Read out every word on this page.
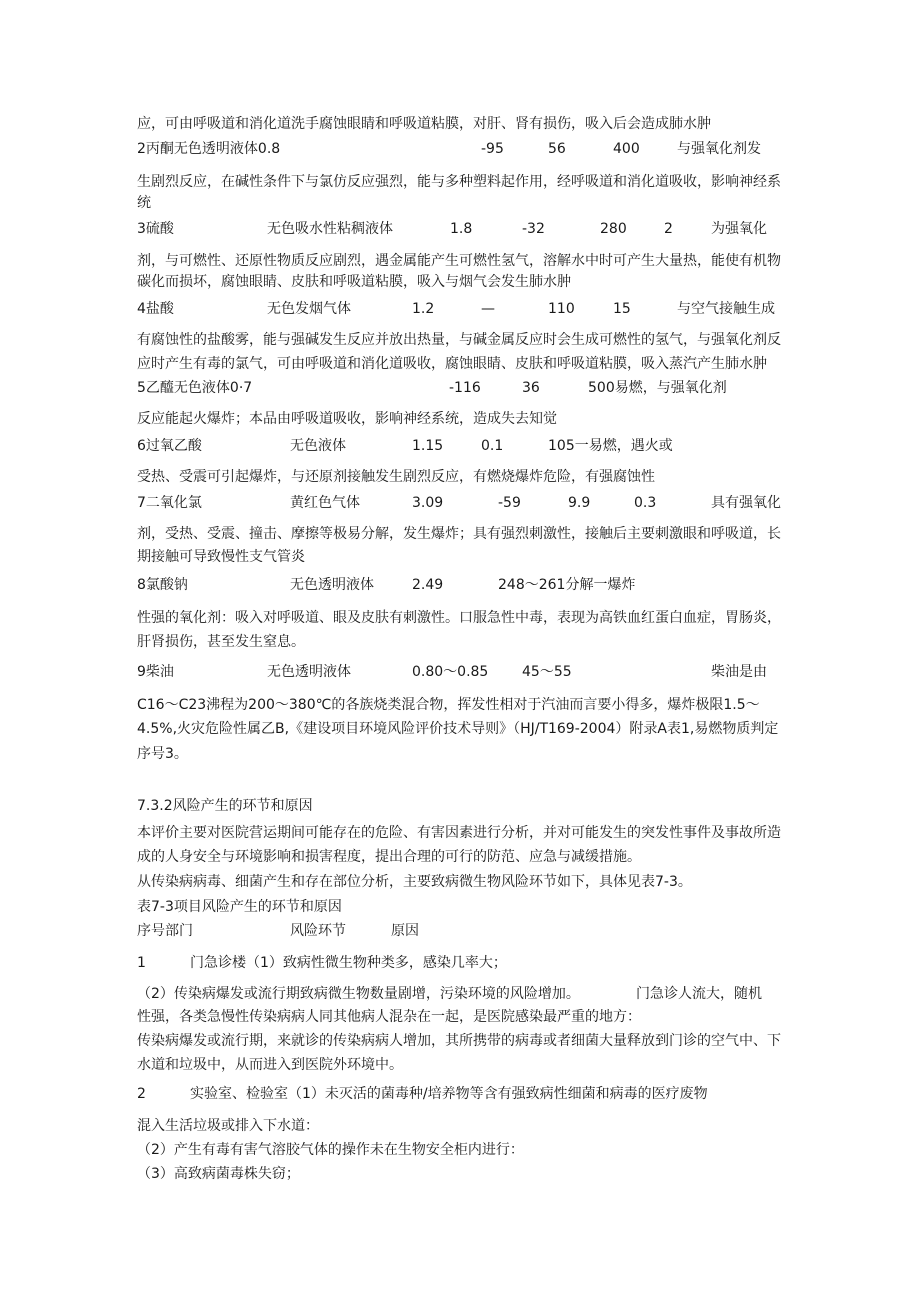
应，可由呼吸道和消化道洗手腐蚀眼睛和呼吸道粘膜，对肝、肾有损伤，吸入后会造成肺水肿
2丙酮无色透明液体0.8	-95	56	400	与强氧化剂发
生剧烈反应，在碱性条件下与氯仿反应强烈，能与多种塑料起作用，经呼吸道和消化道吸收，影响神经系
统
3硫酸	无色吸水性粘稠液体	1.8	-32	280	2	为强氧化
剂，与可燃性、还原性物质反应剧烈，遇金属能产生可燃性氢气，溶解水中时可产生大量热，能使有机物
碳化而损坏，腐蚀眼睛、皮肤和呼吸道粘膜，吸入与烟气会发生肺水肿
4盐酸	无色发烟气体	1.2	—	110	15	与空气接触生成
有腐蚀性的盐酸雾，能与强碱发生反应并放出热量，与碱金属反应时会生成可燃性的氢气，与强氧化剂反
应时产生有毒的氯气，可由呼吸道和消化道吸收，腐蚀眼睛、皮肤和呼吸道粘膜，吸入蒸汽产生肺水肿
5乙醯无色液体0·7	-116	36	500易燃，与强氧化剂
反应能起火爆炸；本品由呼吸道吸收，影响神经系统，造成失去知觉
6过氧乙酸	无色液体	1.15	0.1	105一易燃，遇火或
受热、受震可引起爆炸，与还原剂接触发生剧烈反应，有燃烧爆炸危险，有强腐蚀性
7二氧化氯	黄红色气体	3.09	-59	9.9	0.3	具有强氧化
剂，受热、受震、撞击、摩擦等极易分解，发生爆炸；具有强烈刺激性，接触后主要刺激眼和呼吸道，长
期接触可导致慢性支气管炎
8氯酸钠	无色透明液体	2.49	248～261分解一爆炸
性强的氧化剂：吸入对呼吸道、眼及皮肤有刺激性。口服急性中毒，表现为高铁血红蛋白血症，胃肠炎，
肝肾损伤，甚至发生窒息。
9柴油	无色透明液体	0.80～0.85 45～55	柴油是由
C16～C23沸程为200～380℃的各族烧类混合物，挥发性相对于汽油而言要小得多，爆炸极限1.5～
4.5%,火灾危险性属乙B,《建设项目环境风险评价技术导则》（HJ/T169-2004）附录A表1,易燃物质判定
序号3。
7.3.2风险产生的环节和原因
本评价主要对医院营运期间可能存在的危险、有害因素进行分析，并对可能发生的突发性事件及事故所造
成的人身安全与环境影响和损害程度，提出合理的可行的防范、应急与减缓措施。
从传染病病毒、细菌产生和存在部位分析，主要致病微生物风险环节如下，具体见表7-3。
表7-3项目风险产生的环节和原因
序号部门	风险环节	原因
1	门急诊楼（1）致病性微生物种类多，感染几率大；
（2）传染病爆发或流行期致病微生物数量剧增，污染环境的风险增加。	门急诊人流大，随机
性强，各类急慢性传染病病人同其他病人混杂在一起，是医院感染最严重的地方：
传染病爆发或流行期，来就诊的传染病病人增加，其所携带的病毒或者细菌大量释放到门诊的空气中、下
水道和垃圾中，从而进入到医院外环境中。
2	实验室、检验室（1）未灭活的菌毒种/培养物等含有强致病性细菌和病毒的医疗废物
混入生活垃圾或排入下水道：
（2）产生有毒有害气溶胶气体的操作未在生物安全柜内进行：
（3）高致病菌毒株失窃；
